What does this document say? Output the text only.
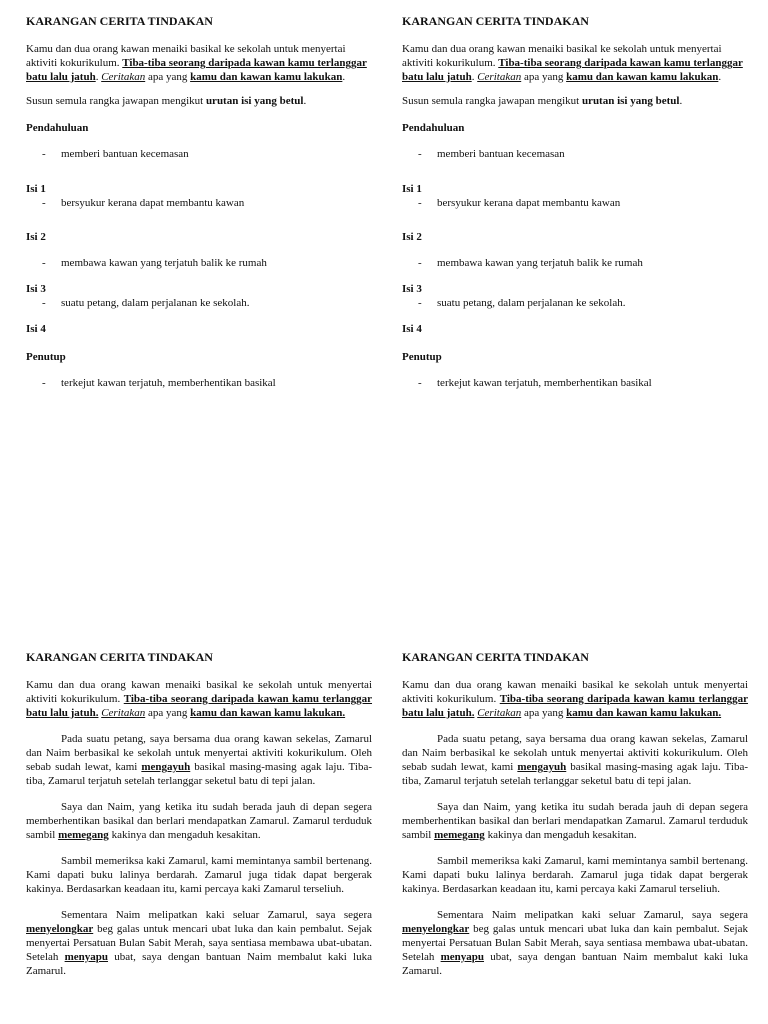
KARANGAN CERITA TINDAKAN
Kamu dan dua orang kawan menaiki basikal ke sekolah untuk menyertai aktiviti kokurikulum. Tiba-tiba seorang daripada kawan kamu terlanggar batu lalu jatuh. Ceritakan apa yang kamu dan kawan kamu lakukan.
Susun semula rangka jawapan mengikut urutan isi yang betul.
Pendahuluan
- memberi bantuan kecemasan
Isi 1
- bersyukur kerana dapat membantu kawan
Isi 2
- membawa kawan yang terjatuh balik ke rumah
Isi 3
- suatu petang, dalam perjalanan ke sekolah.
Isi 4
Penutup
- terkejut kawan terjatuh, memberhentikan basikal
KARANGAN CERITA TINDAKAN
Kamu dan dua orang kawan menaiki basikal ke sekolah untuk menyertai aktiviti kokurikulum. Tiba-tiba seorang daripada kawan kamu terlanggar batu lalu jatuh. Ceritakan apa yang kamu dan kawan kamu lakukan.
Susun semula rangka jawapan mengikut urutan isi yang betul.
Pendahuluan
- memberi bantuan kecemasan
Isi 1
- bersyukur kerana dapat membantu kawan
Isi 2
- membawa kawan yang terjatuh balik ke rumah
Isi 3
- suatu petang, dalam perjalanan ke sekolah.
Isi 4
Penutup
- terkejut kawan terjatuh, memberhentikan basikal
KARANGAN CERITA TINDAKAN
Kamu dan dua orang kawan menaiki basikal ke sekolah untuk menyertai aktiviti kokurikulum. Tiba-tiba seorang daripada kawan kamu terlanggar batu lalu jatuh. Ceritakan apa yang kamu dan kawan kamu lakukan.

Pada suatu petang, saya bersama dua orang kawan sekelas, Zamarul dan Naim berbasikal ke sekolah untuk menyertai aktiviti kokurikulum. Oleh sebab sudah lewat, kami mengayuh basikal masing-masing agak laju. Tiba-tiba, Zamarul terjatuh setelah terlanggar seketul batu di tepi jalan.

Saya dan Naim, yang ketika itu sudah berada jauh di depan segera memberhentikan basikal dan berlari mendapatkan Zamarul. Zamarul terduduk sambil memegang kakinya dan mengaduh kesakitan.

Sambil memeriksa kaki Zamarul, kami memintanya sambil bertenang. Kami dapati buku lalinya berdarah. Zamarul juga tidak dapat bergerak kakinya. Berdasarkan keadaan itu, kami percaya kaki Zamarul terseliuh.

Sementara Naim melipatkan kaki seluar Zamarul, saya segera menyelongkar beg galas untuk mencari ubat luka dan kain pembalut. Sejak menyertai Persatuan Bulan Sabit Merah, saya sentiasa membawa ubat-ubatan. Setelah menyapu ubat, saya dengan bantuan Naim membalut kaki luka Zamarul.

KARANGAN CERITA TINDAKAN
Kamu dan dua orang kawan menaiki basikal ke sekolah untuk menyertai aktiviti kokurikulum. Tiba-tiba seorang daripada kawan kamu terlanggar batu lalu jatuh. Ceritakan apa yang kamu dan kawan kamu lakukan.

Pada suatu petang, saya bersama dua orang kawan sekelas, Zamarul dan Naim berbasikal ke sekolah untuk menyertai aktiviti kokurikulum. Oleh sebab sudah lewat, kami mengayuh basikal masing-masing agak laju. Tiba-tiba, Zamarul terjatuh setelah terlanggar seketul batu di tepi jalan.

Saya dan Naim, yang ketika itu sudah berada jauh di depan segera memberhentikan basikal dan berlari mendapatkan Zamarul. Zamarul terduduk sambil memegang kakinya dan mengaduh kesakitan.

Sambil memeriksa kaki Zamarul, kami memintanya sambil bertenang. Kami dapati buku lalinya berdarah. Zamarul juga tidak dapat bergerak kakinya. Berdasarkan keadaan itu, kami percaya kaki Zamarul terseliuh.

Sementara Naim melipatkan kaki seluar Zamarul, saya segera menyelongkar beg galas untuk mencari ubat luka dan kain pembalut. Sejak menyertai Persatuan Bulan Sabit Merah, saya sentiasa membawa ubat-ubatan. Setelah menyapu ubat, saya dengan bantuan Naim membalut kaki luka Zamarul.
